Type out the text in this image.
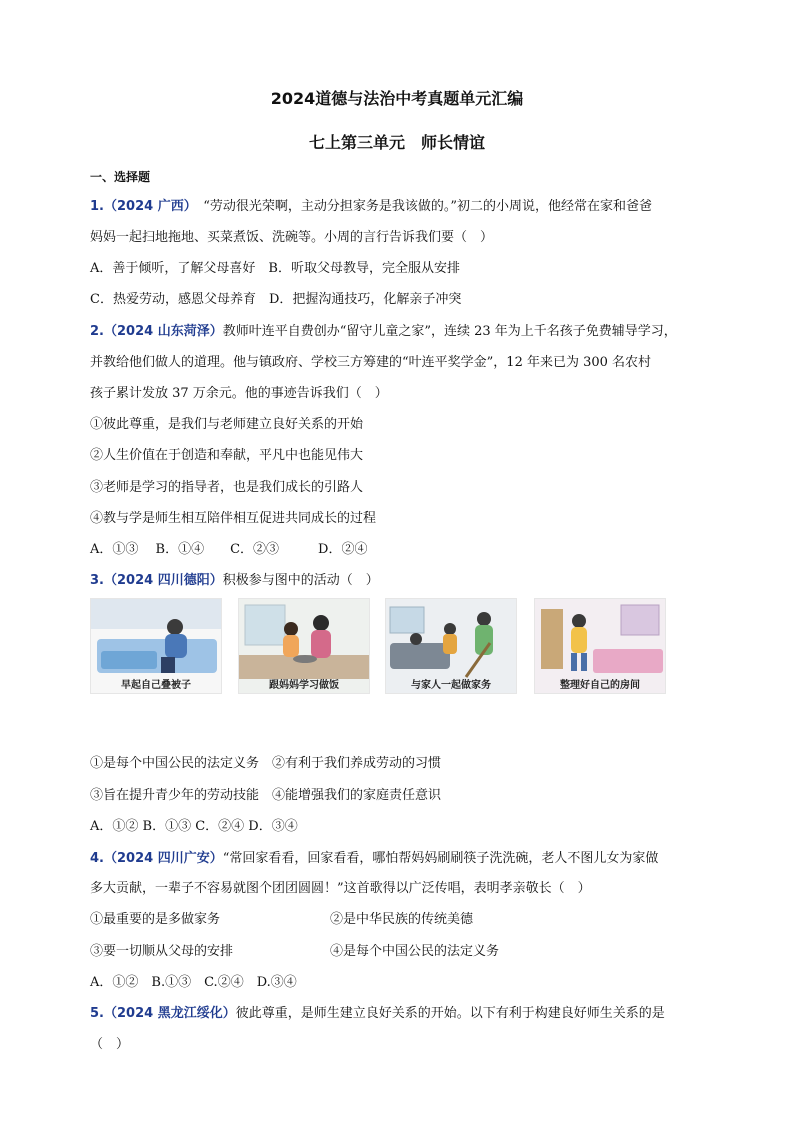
2024道德与法治中考真题单元汇编
七上第三单元　师长情谊
一、选择题
1.（2024 广西）　“劳动很光荣啊，主动分担家务是我该做的。”初二的小周说，他经常在家和爸爸
妈妈一起扫地拖地、买菜煮饭、洗碗等。小周的言行告诉我们要（　）
A．善于倾听，了解父母喜好　 B．听取父母教导，完全服从安排
C．热爱劳动，感恩父母养育　 D．把握沟通技巧，化解亲子冲突
2.（2024 山东菏泽）教师叶连平自费创办“留守儿童之家”，连续 23 年为上千名孩子免费辅导学习，
并教给他们做人的道理。他与镇政府、学校三方筹建的“叶连平奖学金”，12 年来已为 300 名农村
孩子累计发放 37 万余元。他的事迹告诉我们（　）
①彼此尊重，是我们与老师建立良好关系的开始
②人生价值在于创造和奉献，平凡中也能见伟大
③老师是学习的指导者，也是我们成长的引路人
④教与学是师生相互陪伴相互促进共同成长的过程
A．①③　 B．①④　　C．②③　　　D．②④
3.（2024 四川德阳）积极参与图中的活动（　）
早起自己叠被子	跟妈妈学习做饭	与家人一起做家务	整理好自己的房间
①是每个中国公民的法定义务　②有利于我们养成劳动的习惯
③旨在提升青少年的劳动技能　④能增强我们的家庭责任意识
A．①② B．①③ C．②④ D．③④
4.（2024 四川广安）“常回家看看，回家看看，哪怕帮妈妈刷刷筷子洗洗碗，老人不图儿女为家做
多大贡献，一辈子不容易就图个团团圆圆！”这首歌得以广泛传唱，表明孝亲敬长（　）
①最重要的是多做家务	②是中华民族的传统美德
③要一切顺从父母的安排	④是每个中国公民的法定义务
A．①②　B.①③　C.②④　D.③④
5.（2024 黑龙江绥化）彼此尊重，是师生建立良好关系的开始。以下有利于构建良好师生关系的是
（　）
